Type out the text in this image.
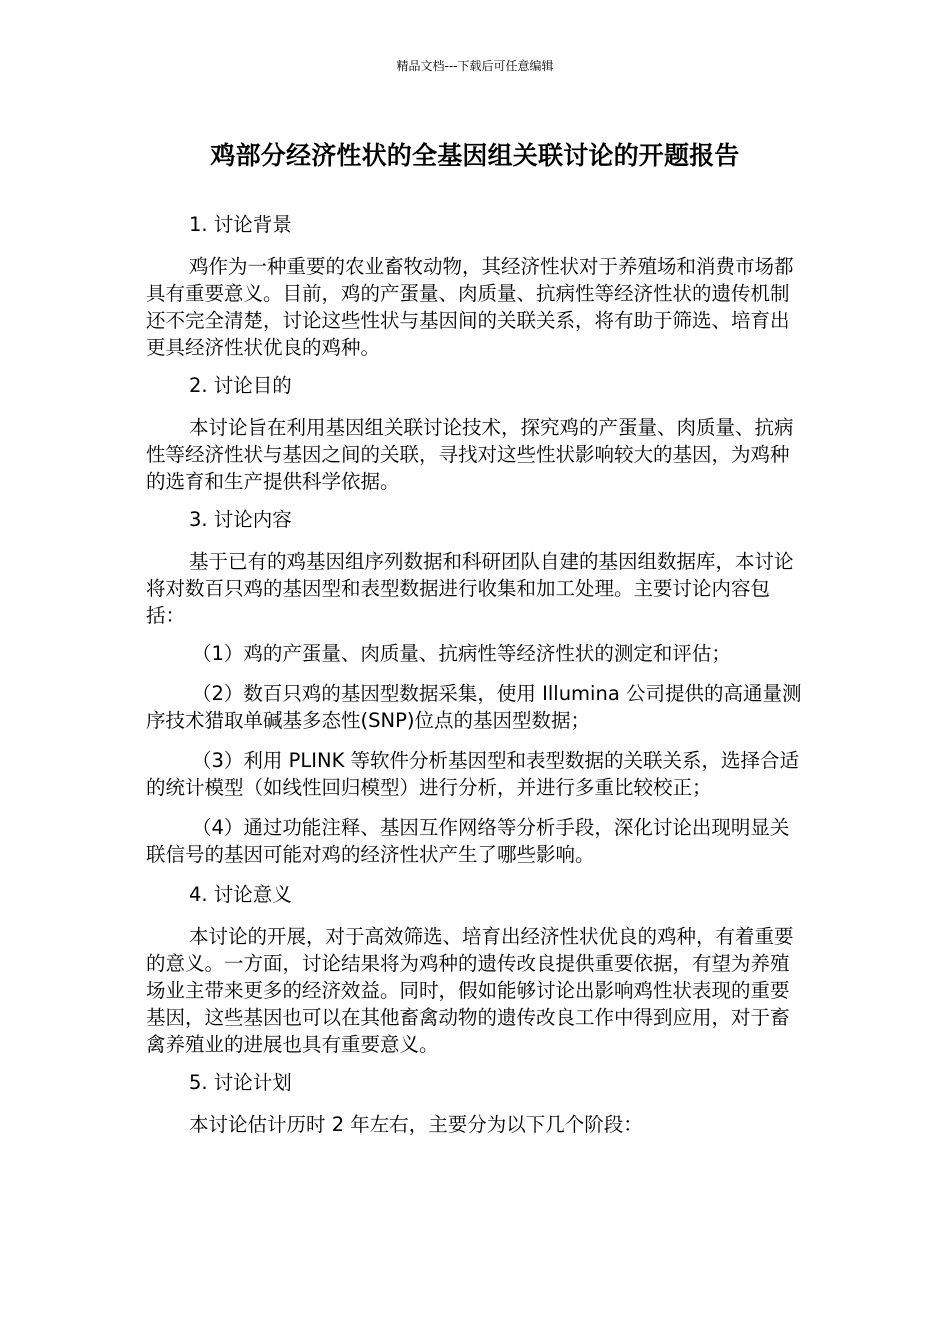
精品文档---下载后可任意编辑
鸡部分经济性状的全基因组关联讨论的开题报告

1. 讨论背景

鸡作为一种重要的农业畜牧动物，其经济性状对于养殖场和消费市场都具有重要意义。目前，鸡的产蛋量、肉质量、抗病性等经济性状的遗传机制还不完全清楚，讨论这些性状与基因间的关联关系，将有助于筛选、培育出更具经济性状优良的鸡种。

2. 讨论目的

本讨论旨在利用基因组关联讨论技术，探究鸡的产蛋量、肉质量、抗病性等经济性状与基因之间的关联，寻找对这些性状影响较大的基因，为鸡种的选育和生产提供科学依据。

3. 讨论内容

基于已有的鸡基因组序列数据和科研团队自建的基因组数据库，本讨论将对数百只鸡的基因型和表型数据进行收集和加工处理。主要讨论内容包括：

（1）鸡的产蛋量、肉质量、抗病性等经济性状的测定和评估；

（2）数百只鸡的基因型数据采集，使用 Illumina 公司提供的高通量测序技术猎取单碱基多态性(SNP)位点的基因型数据；

（3）利用 PLINK 等软件分析基因型和表型数据的关联关系，选择合适的统计模型（如线性回归模型）进行分析，并进行多重比较校正；

（4）通过功能注释、基因互作网络等分析手段，深化讨论出现明显关联信号的基因可能对鸡的经济性状产生了哪些影响。

4. 讨论意义

本讨论的开展，对于高效筛选、培育出经济性状优良的鸡种，有着重要的意义。一方面，讨论结果将为鸡种的遗传改良提供重要依据，有望为养殖场业主带来更多的经济效益。同时，假如能够讨论出影响鸡性状表现的重要基因，这些基因也可以在其他畜禽动物的遗传改良工作中得到应用，对于畜禽养殖业的进展也具有重要意义。

5. 讨论计划

本讨论估计历时 2 年左右，主要分为以下几个阶段：
